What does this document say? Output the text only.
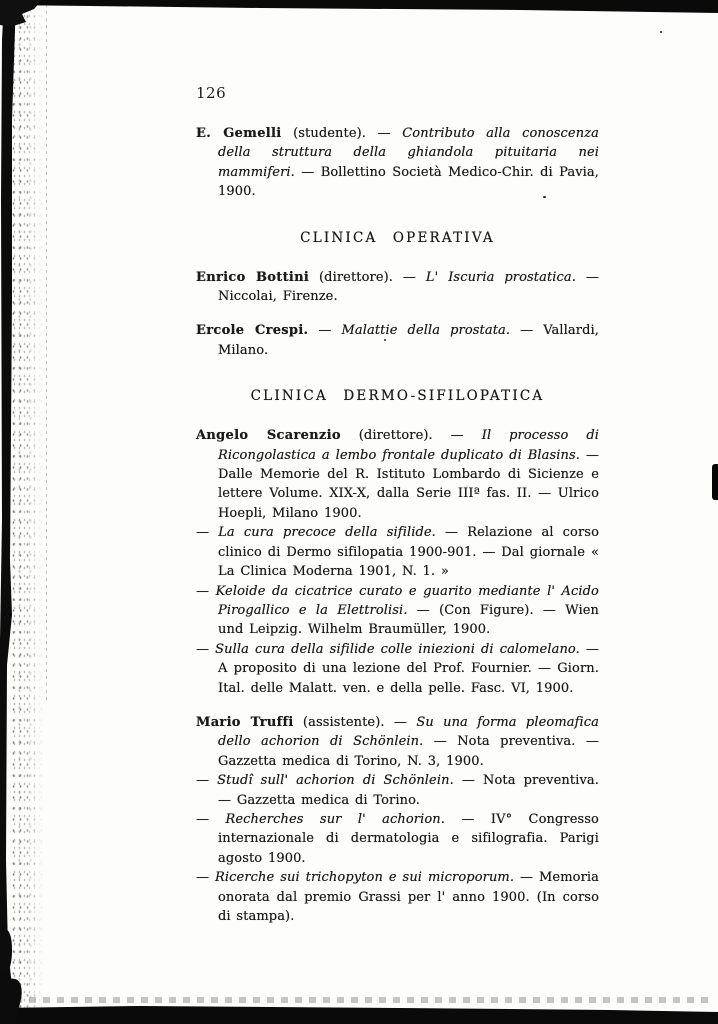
126

E. Gemelli (studente). — Contributo alla conoscenza della struttura della ghiandola pituitaria nei mammiferi. — Bollettino Società Medico-Chir. di Pavia, 1900.

CLINICA OPERATIVA

Enrico Bottini (direttore). — L' Iscuria prostatica. — Niccolai, Firenze.

Ercole Crespi. — Malattie della prostata. — Vallardi, Milano.

CLINICA DERMO-SIFILOPATICA

Angelo Scarenzio (direttore). — Il processo di Ricongolastica a lembo frontale duplicato di Blasins. — Dalle Memorie del R. Istituto Lombardo di Sicienze e lettere Volume. XIX-X, dalla Serie IIIª fas. II. — Ulrico Hoepli, Milano 1900.

— La cura precoce della sifilide. — Relazione al corso clinico di Dermo sifilopatia 1900-901. — Dal giornale « La Clinica Moderna 1901, N. 1. »

— Keloide da cicatrice curato e guarito mediante l' Acido Pirogallico e la Elettrolisi. — (Con Figure). — Wien und Leipzig. Wilhelm Braumüller, 1900.

— Sulla cura della sifilide colle iniezioni di calomelano. — A proposito di una lezione del Prof. Fournier. — Giorn. Ital. delle Malatt. ven. e della pelle. Fasc. VI, 1900.

Mario Truffi (assistente). — Su una forma pleomafica dello achorion di Schönlein. — Nota preventiva. — Gazzetta medica di Torino, N. 3, 1900.

— Studî sull' achorion di Schönlein. — Nota preventiva. — Gazzetta medica di Torino.

— Recherches sur l' achorion. — IV° Congresso internazionale di dermatologia e sifilografia. Parigi agosto 1900.

— Ricerche sui trichopyton e sui microporum. — Memoria onorata dal premio Grassi per l' anno 1900. (In corso di stampa).
